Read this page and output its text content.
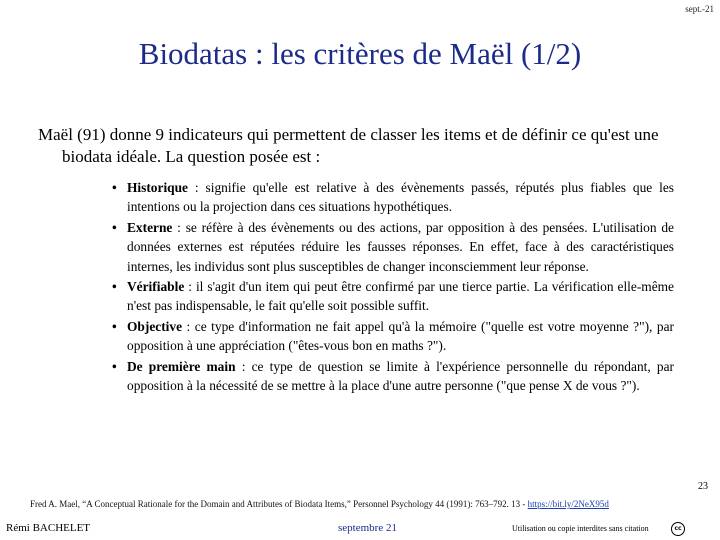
sept.-21
Biodatas : les critères de Maël (1/2)
Maël (91) donne 9 indicateurs qui permettent de classer les items et de définir ce qu'est une biodata idéale. La question posée est :
• Historique : signifie qu'elle est relative à des évènements passés, réputés plus fiables que les intentions ou la projection dans ces situations hypothétiques.
• Externe : se réfère à des évènements ou des actions, par opposition à des pensées. L'utilisation de données externes est réputées réduire les fausses réponses. En effet, face à des caractéristiques internes, les individus sont plus susceptibles de changer inconsciemment leur réponse.
• Vérifiable : il s'agit d'un item qui peut être confirmé par une tierce partie. La vérification elle-même n'est pas indispensable, le fait qu'elle soit possible suffit.
• Objective : ce type d'information ne fait appel qu'à la mémoire ("quelle est votre moyenne ?"), par opposition à une appréciation ("êtes-vous bon en maths ?").
• De première main : ce type de question se limite à l'expérience personnelle du répondant, par opposition à la nécessité de se mettre à la place d'une autre personne ("que pense X de vous ?").
Fred A. Mael, “A Conceptual Rationale for the Domain and Attributes of Biodata Items,” Personnel Psychology 44 (1991): 763–792. 13 - https://bit.ly/2NeX95d
23
Rémi BACHELET	septembre 21	Utilisation ou copie interdites sans citation	cc
